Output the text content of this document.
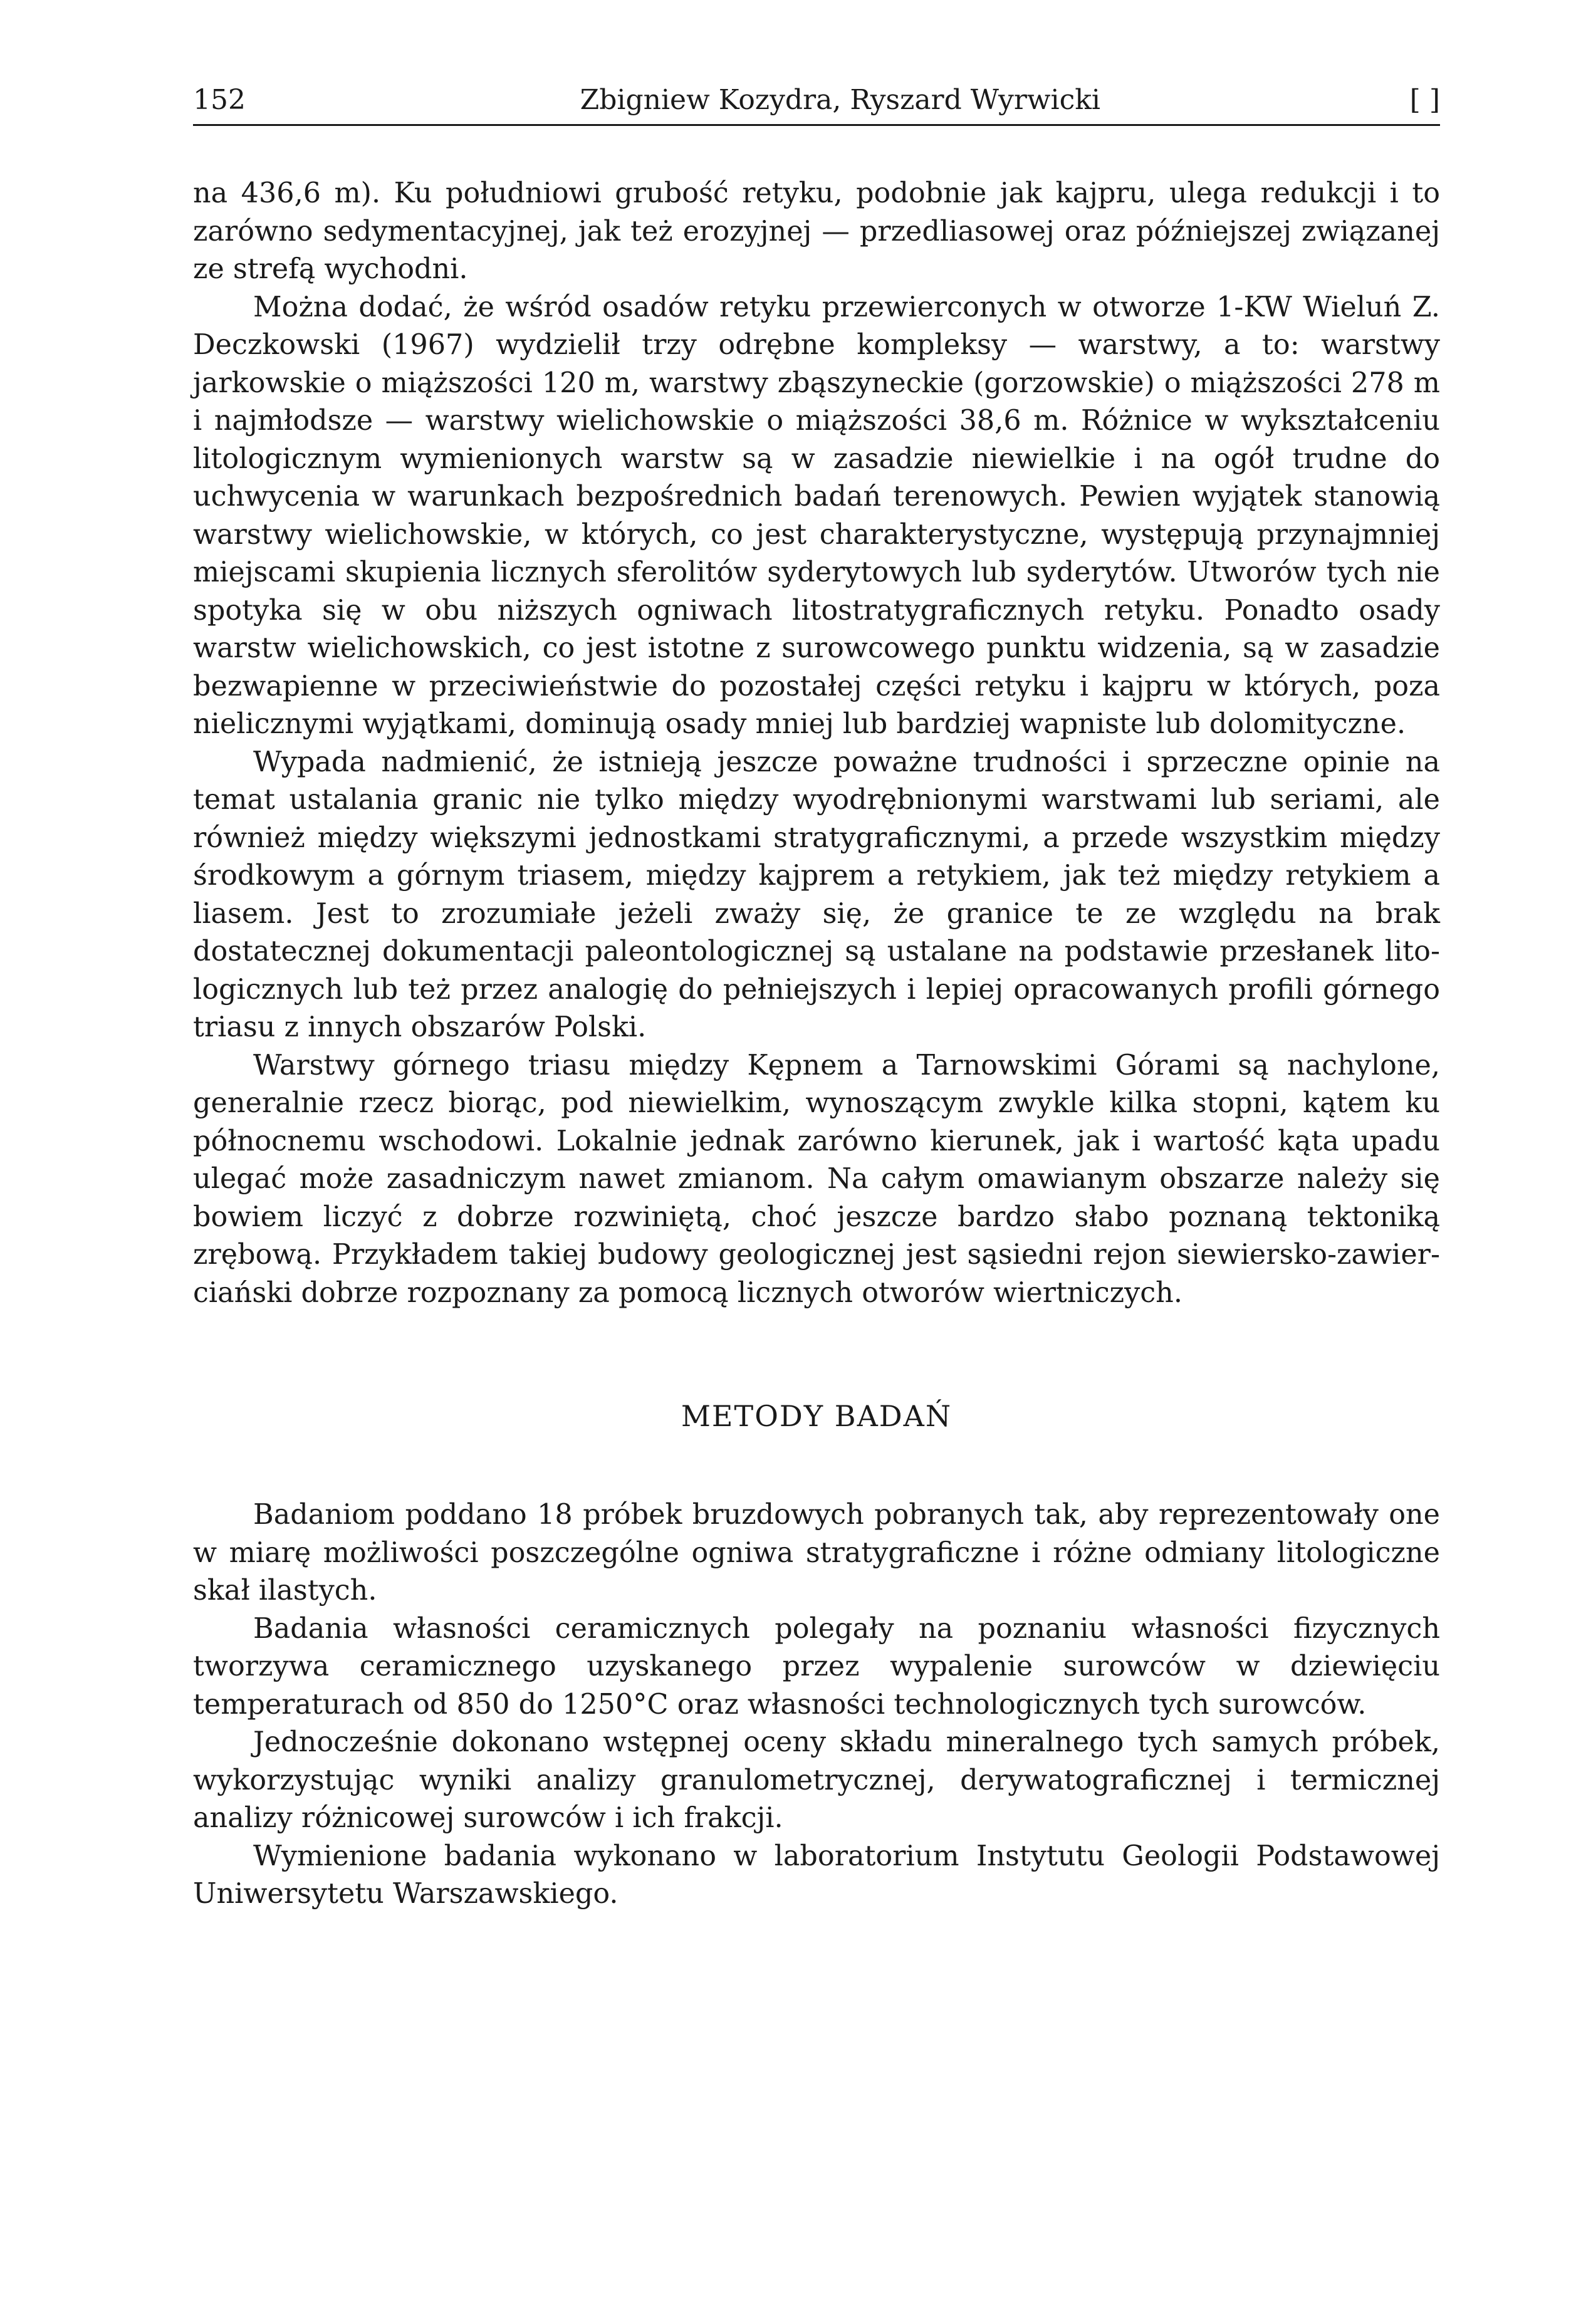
152	Zbigniew Kozydra, Ryszard Wyrwicki	[ ]

na 436,6 m). Ku południowi grubość retyku, podobnie jak kajpru, ulega redukcji i to zarówno sedymentacyjnej, jak też erozyjnej — przedliasowej oraz późniejszej związanej ze strefą wychodni.

Można dodać, że wśród osadów retyku przewierconych w otworze 1-KW Wieluń Z. Deczkowski (1967) wydzielił trzy odrębne kompleksy — warstwy, a to: warstwy jarkowskie o miąższości 120 m, warstwy zbąszyneckie (gorzowskie) o miąższości 278 m i najmłodsze — warstwy wielichowskie o miąższości 38,6 m. Różnice w wykształceniu litologicznym wymienionych warstw są w zasadzie niewielkie i na ogół trudne do uchwycenia w warunkach bezpośrednich badań terenowych. Pewien wyjątek stanowią warstwy wielichowskie, w których, co jest charakterystyczne, występują przynajmniej miejscami skupienia licznych sferolitów syderytowych lub syderytów. Utworów tych nie spotyka się w obu niższych ogniwach litostratygraficznych retyku. Ponadto osady warstw wielichowskich, co jest istotne z surowcowego punktu widzenia, są w zasadzie bezwapienne w przeciwieństwie do pozostałej części retyku i kajpru w których, poza nielicznymi wyjątkami, dominują osady mniej lub bardziej wapniste lub dolomityczne.

Wypada nadmienić, że istnieją jeszcze poważne trudności i sprzeczne opinie na temat ustalania granic nie tylko między wyodrębnionymi warstwami lub seriami, ale również między większymi jednostkami stratygraficznymi, a przede wszystkim między środkowym a górnym triasem, między kajprem a retykiem, jak też między retykiem a liasem. Jest to zrozumiałe jeżeli zważy się, że granice te ze względu na brak dostatecznej dokumentacji paleontologicznej są ustalane na podstawie przesłanek litologicznych lub też przez analogię do pełniejszych i lepiej opracowanych profili górnego triasu z innych obszarów Polski.

Warstwy górnego triasu między Kępnem a Tarnowskimi Górami są nachylone, generalnie rzecz biorąc, pod niewielkim, wynoszącym zwykle kilka stopni, kątem ku północnemu wschodowi. Lokalnie jednak zarówno kierunek, jak i wartość kąta upadu ulegać może zasadniczym nawet zmianom. Na całym omawianym obszarze należy się bowiem liczyć z dobrze rozwiniętą, choć jeszcze bardzo słabo poznaną tektoniką zrębową. Przykładem takiej budowy geologicznej jest sąsiedni rejon siewiersko-zawierciański dobrze rozpoznany za pomocą licznych otworów wiertniczych.

METODY BADAŃ

Badaniom poddano 18 próbek bruzdowych pobranych tak, aby reprezentowały one w miarę możliwości poszczególne ogniwa stratygraficzne i różne odmiany litologiczne skał ilastych.

Badania własności ceramicznych polegały na poznaniu własności fizycznych tworzywa ceramicznego uzyskanego przez wypalenie surowców w dziewięciu temperaturach od 850 do 1250°C oraz własności technologicznych tych surowców.

Jednocześnie dokonano wstępnej oceny składu mineralnego tych samych próbek, wykorzystując wyniki analizy granulometrycznej, derywatograficznej i termicznej analizy różnicowej surowców i ich frakcji.

Wymienione badania wykonano w laboratorium Instytutu Geologii Podstawowej Uniwersytetu Warszawskiego.
